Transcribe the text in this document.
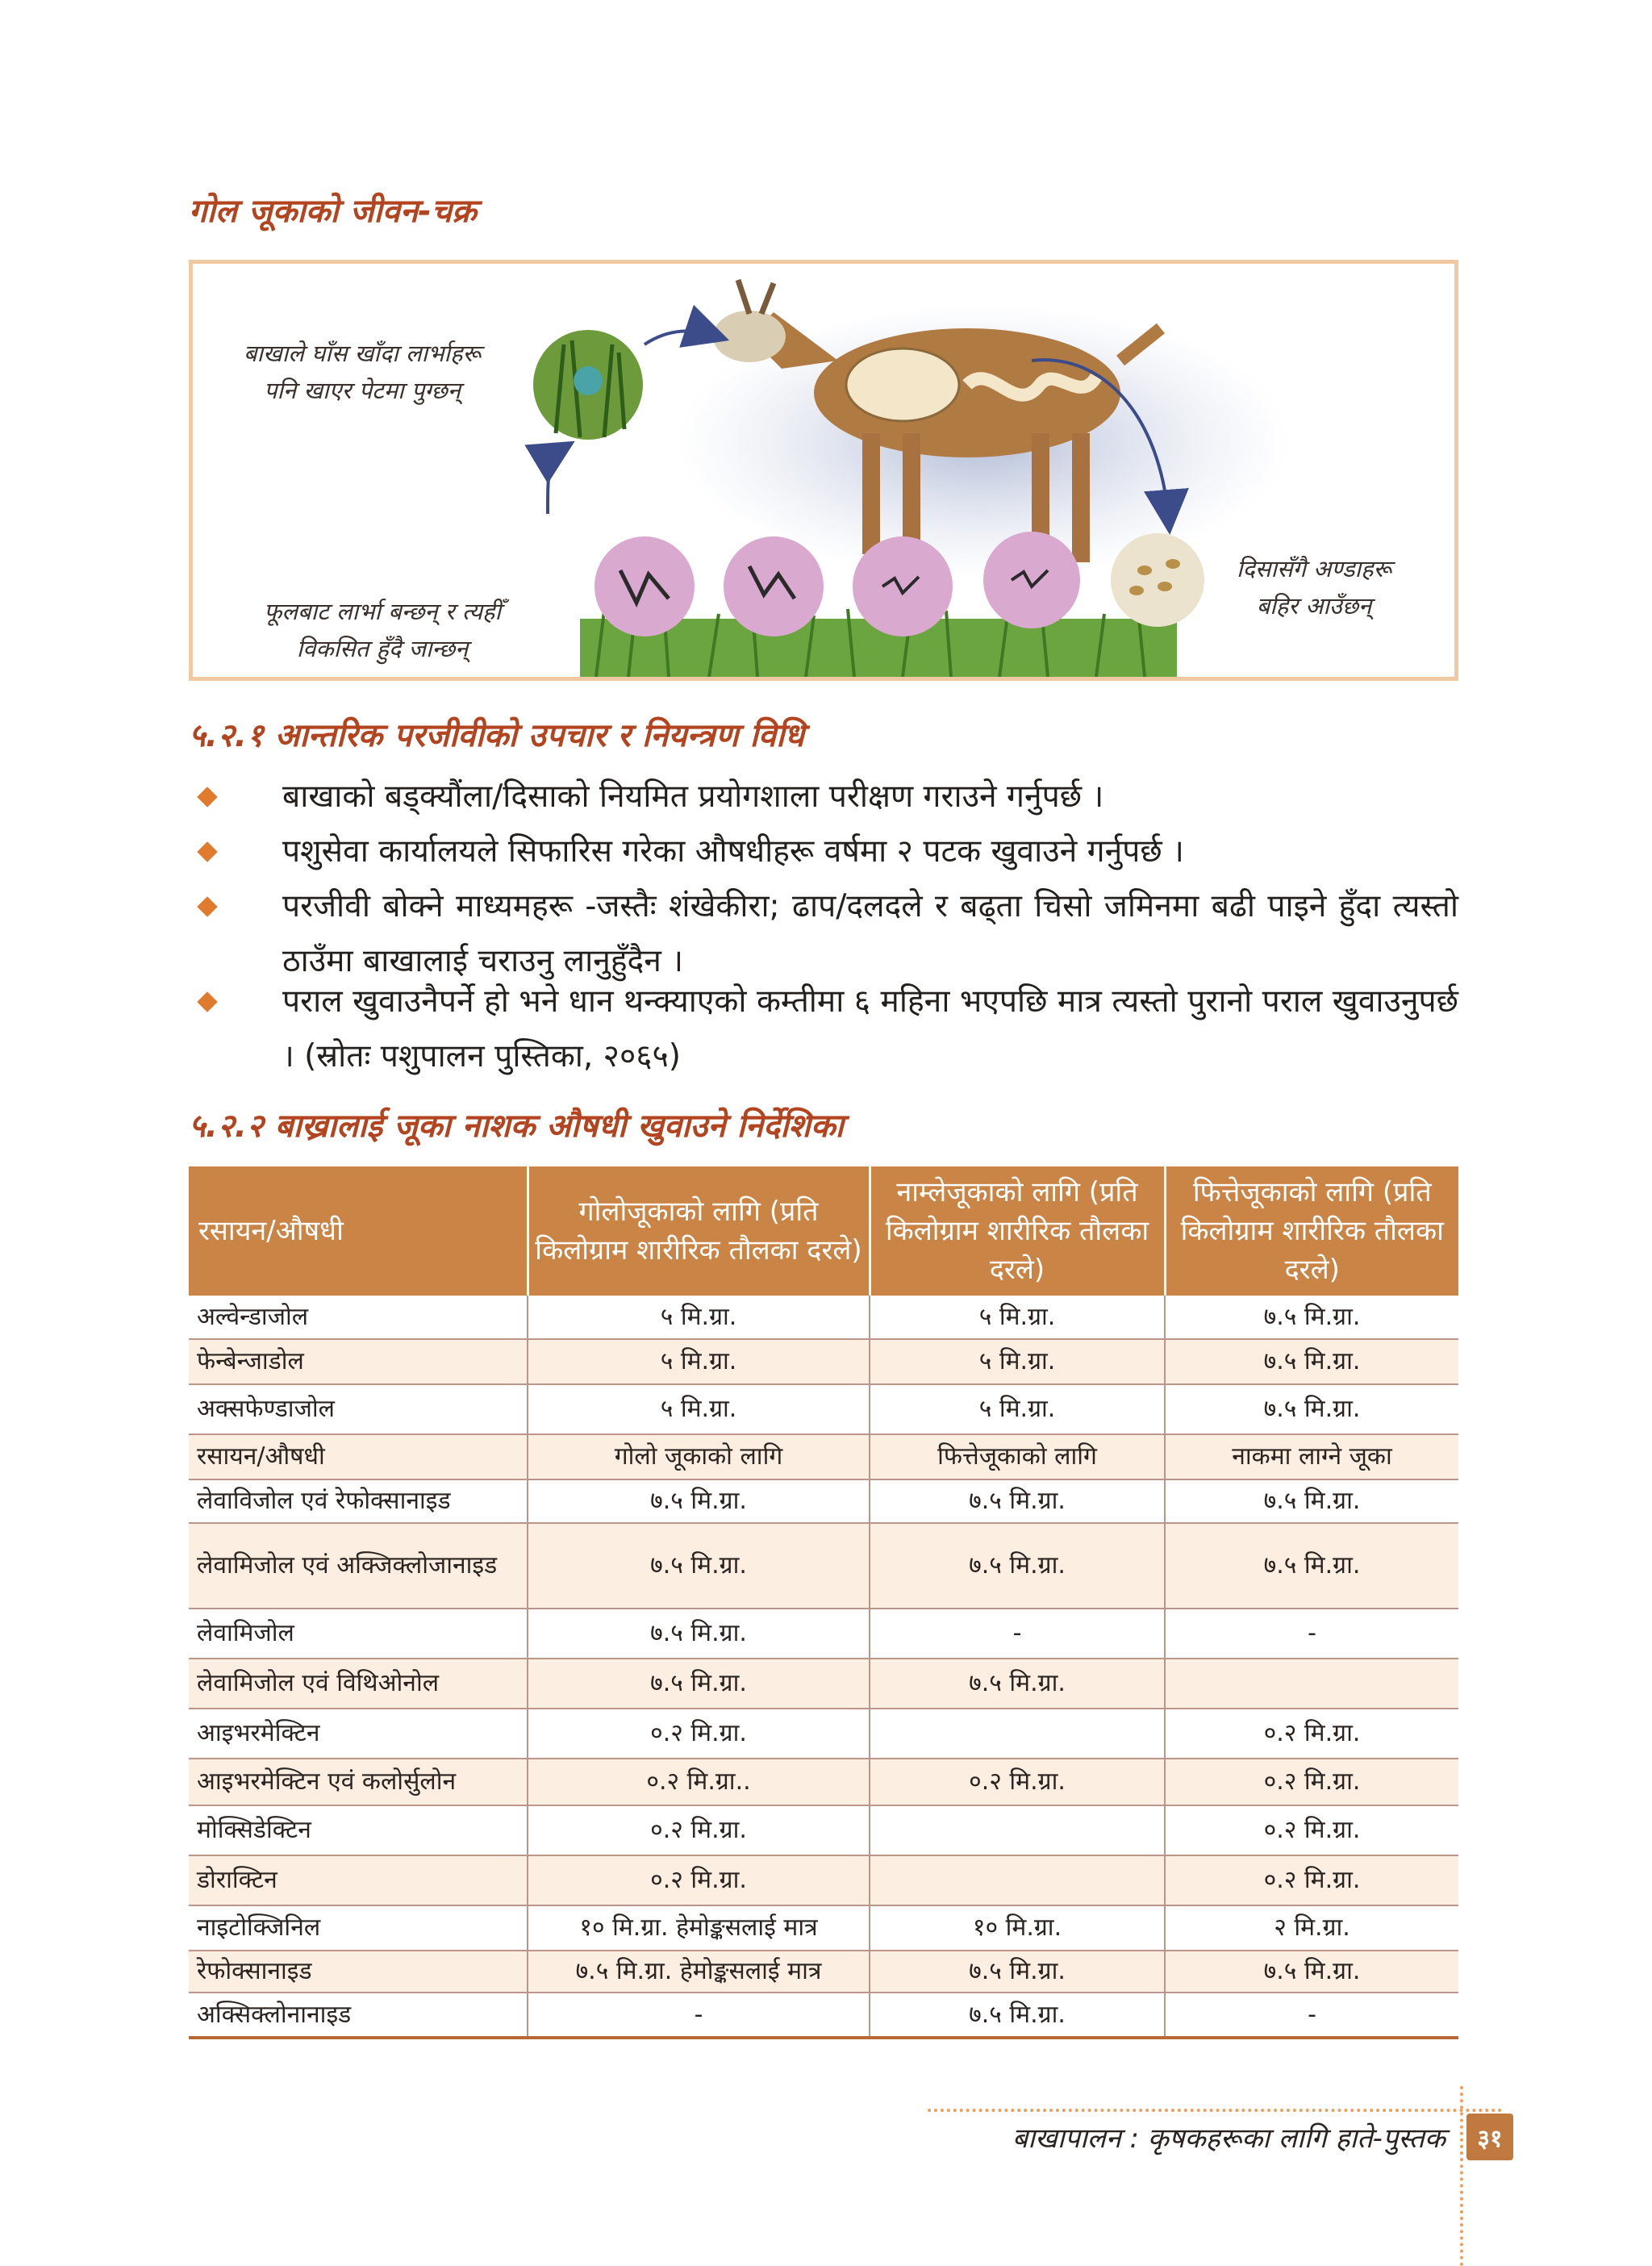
गोल जूकाको जीवन-चक्र
बाखाले घाँस खाँदा लार्भाहरू
पनि खाएर पेटमा पुग्छन्
दिसासँगै अण्डाहरू
बहिर आउँछन्
फूलबाट लार्भा बन्छन् र त्यहीँ
विकसित हुँदै जान्छन्
५.२.१ आन्तरिक परजीवीको उपचार र नियन्त्रण विधि
बाखाको बड्क्यौंला/दिसाको नियमित प्रयोगशाला परीक्षण गराउने गर्नुपर्छ ।
पशुसेवा कार्यालयले सिफारिस गरेका औषधीहरू वर्षमा २ पटक खुवाउने गर्नुपर्छ ।
परजीवी बोक्ने माध्यमहरू -जस्तैः शंखेकीरा; ढाप/दलदले र बढ्ता चिसो जमिनमा बढी पाइने हुँदा त्यस्तो ठाउँमा बाखालाई चराउनु लानुहुँदैन ।
पराल खुवाउनैपर्ने हो भने धान थन्क्याएको कम्तीमा ६ महिना भएपछि मात्र त्यस्तो पुरानो पराल खुवाउनुपर्छ । (स्रोतः पशुपालन पुस्तिका, २०६५)
५.२.२ बाख्रालाई जूका नाशक औषधी खुवाउने निर्देशिका
रसायन/औषधी	गोलोजूकाको लागि (प्रति किलोग्राम शारीरिक तौलका दरले)	नाम्लेजूकाको लागि (प्रति किलोग्राम शारीरिक तौलका दरले)	फित्तेजूकाको लागि (प्रति किलोग्राम शारीरिक तौलका दरले)
अल्वेन्डाजोल	५ मि.ग्रा.	५ मि.ग्रा.	७.५ मि.ग्रा.
फेन्बेन्जाडोल	५ मि.ग्रा.	५ मि.ग्रा.	७.५ मि.ग्रा.
अक्सफेण्डाजोल	५ मि.ग्रा.	५ मि.ग्रा.	७.५ मि.ग्रा.
रसायन/औषधी	गोलो जूकाको लागि	फित्तेजूकाको लागि	नाकमा लाग्ने जूका
लेवाविजोल एवं रेफोक्सानाइड	७.५ मि.ग्रा.	७.५ मि.ग्रा.	७.५ मि.ग्रा.
लेवामिजोल एवं अक्जिक्लोजानाइड	७.५ मि.ग्रा.	७.५ मि.ग्रा.	७.५ मि.ग्रा.
लेवामिजोल	७.५ मि.ग्रा.	-	-
लेवामिजोल एवं विथिओनोल	७.५ मि.ग्रा.	७.५ मि.ग्रा.	
आइभरमेक्टिन	०.२ मि.ग्रा.		०.२ मि.ग्रा.
आइभरमेक्टिन एवं कलोर्सुलोन	०.२ मि.ग्रा..	०.२ मि.ग्रा.	०.२ मि.ग्रा.
मोक्सिडेक्टिन	०.२ मि.ग्रा.		०.२ मि.ग्रा.
डोराक्टिन	०.२ मि.ग्रा.		०.२ मि.ग्रा.
नाइटोक्जिनिल	१० मि.ग्रा. हेमोङ्कसलाई मात्र	१० मि.ग्रा.	२ मि.ग्रा.
रेफोक्सानाइड	७.५ मि.ग्रा. हेमोङ्कसलाई मात्र	७.५ मि.ग्रा.	७.५ मि.ग्रा.
अक्सिक्लोनानाइड	-	७.५ मि.ग्रा.	-
बाखापालन : कृषकहरूका लागि हाते-पुस्तक	३१
